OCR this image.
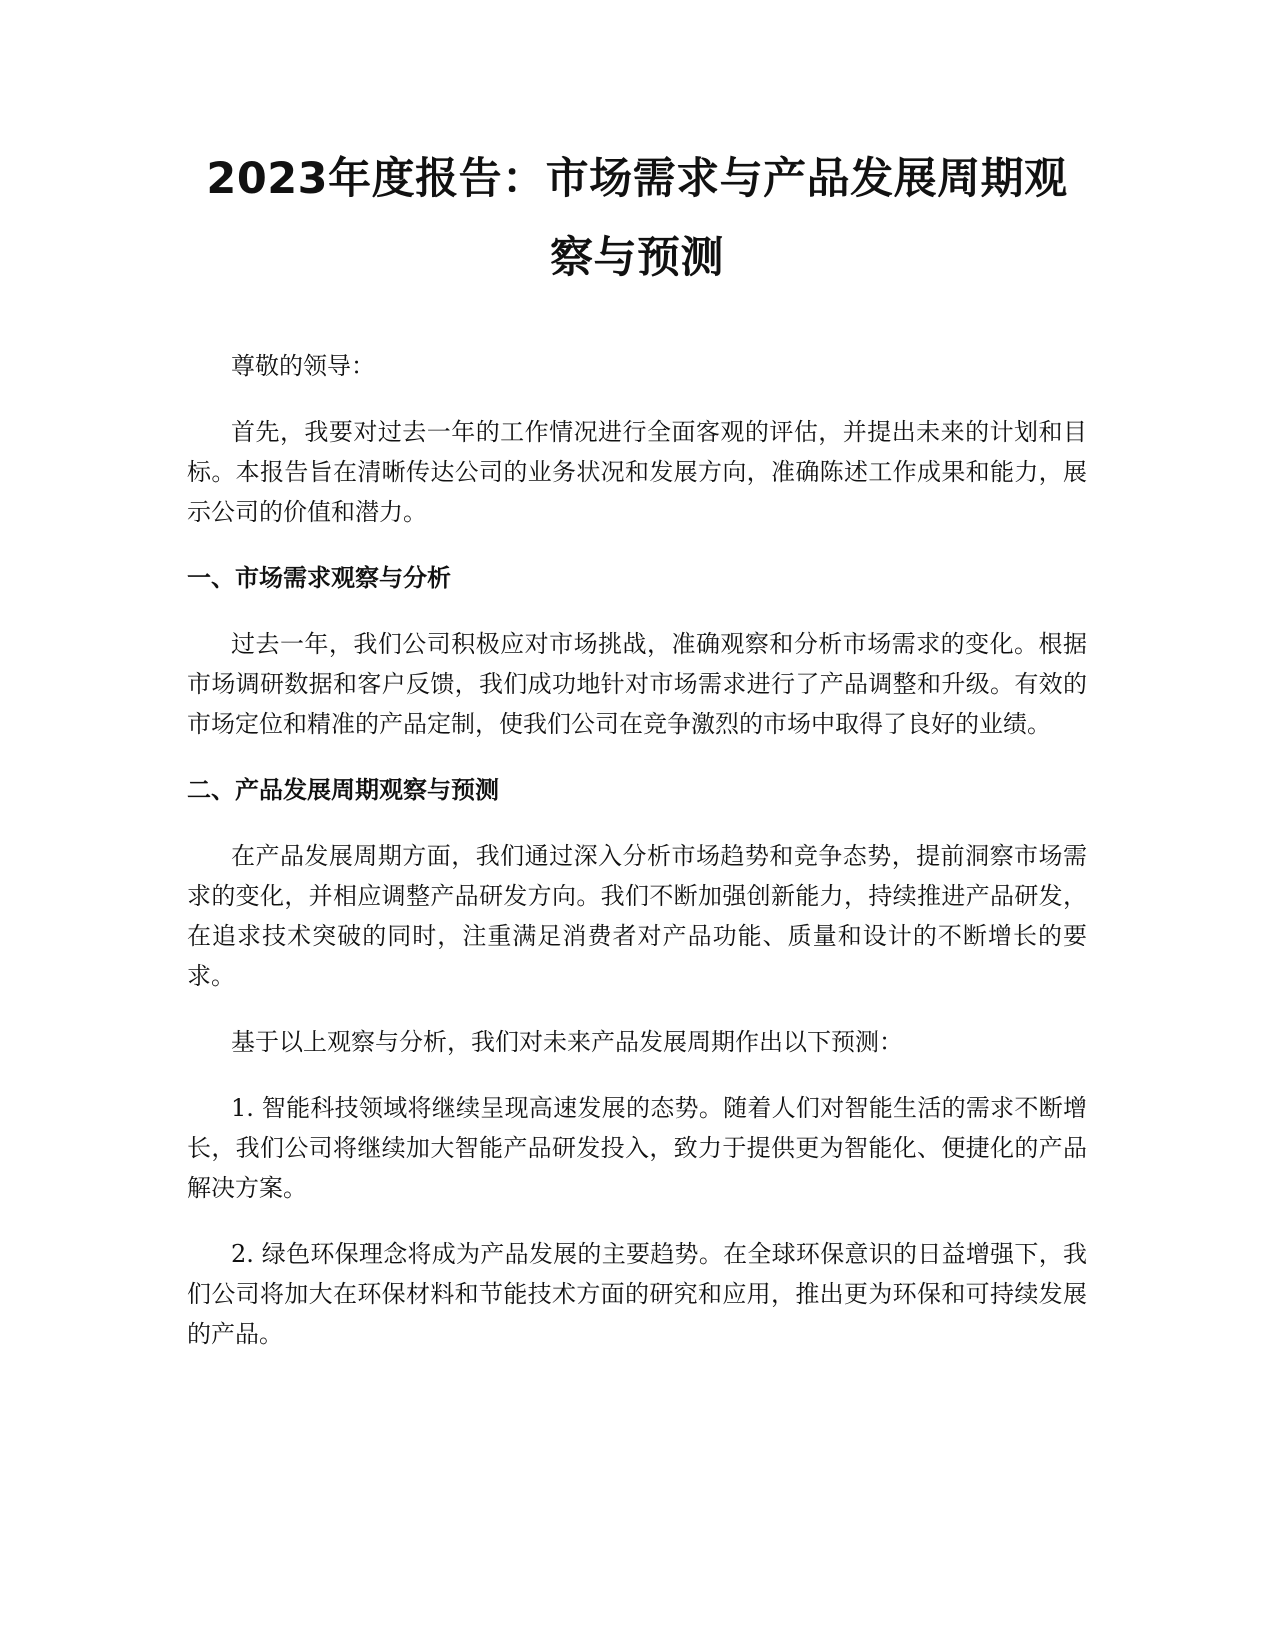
2023年度报告：市场需求与产品发展周期观察与预测

尊敬的领导：

首先，我要对过去一年的工作情况进行全面客观的评估，并提出未来的计划和目标。本报告旨在清晰传达公司的业务状况和发展方向，准确陈述工作成果和能力，展示公司的价值和潜力。

一、市场需求观察与分析

过去一年，我们公司积极应对市场挑战，准确观察和分析市场需求的变化。根据市场调研数据和客户反馈，我们成功地针对市场需求进行了产品调整和升级。有效的市场定位和精准的产品定制，使我们公司在竞争激烈的市场中取得了良好的业绩。

二、产品发展周期观察与预测

在产品发展周期方面，我们通过深入分析市场趋势和竞争态势，提前洞察市场需求的变化，并相应调整产品研发方向。我们不断加强创新能力，持续推进产品研发，在追求技术突破的同时，注重满足消费者对产品功能、质量和设计的不断增长的要求。

基于以上观察与分析，我们对未来产品发展周期作出以下预测：

1. 智能科技领域将继续呈现高速发展的态势。随着人们对智能生活的需求不断增长，我们公司将继续加大智能产品研发投入，致力于提供更为智能化、便捷化的产品解决方案。

2. 绿色环保理念将成为产品发展的主要趋势。在全球环保意识的日益增强下，我们公司将加大在环保材料和节能技术方面的研究和应用，推出更为环保和可持续发展的产品。
